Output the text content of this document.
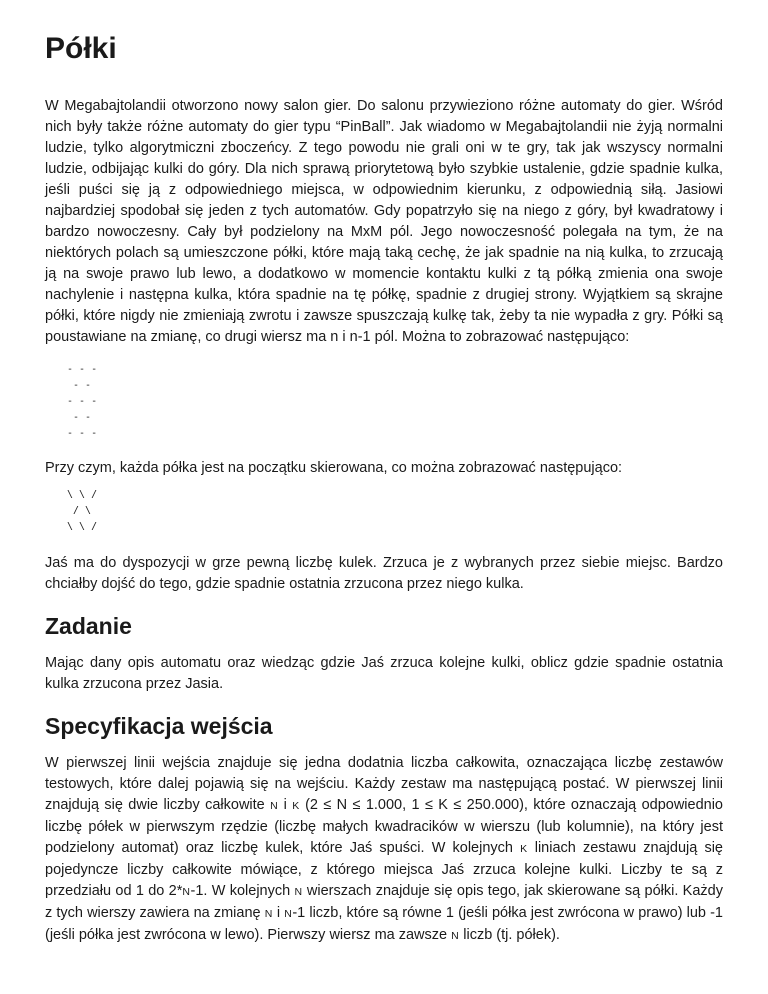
Półki

W Megabajtolandii otworzono nowy salon gier. Do salonu przywieziono różne automaty do gier. Wśród nich były także różne automaty do gier typu “PinBall”. Jak wiadomo w Megabajtolandii nie żyją normalni ludzie, tylko algorytmiczni zboczeńcy. Z tego powodu nie grali oni w te gry, tak jak wszyscy normalni ludzie, odbijając kulki do góry. Dla nich sprawą priorytetową było szybkie ustalenie, gdzie spadnie kulka, jeśli puści się ją z odpowiedniego miejsca, w odpowiednim kierunku, z odpowiednią siłą. Jasiowi najbardziej spodobał się jeden z tych automatów. Gdy popatrzyło się na niego z góry, był kwadratowy i bardzo nowoczesny. Cały był podzielony na MxM pól. Jego nowoczesność polegała na tym, że na niektórych polach są umieszczone półki, które mają taką cechę, że jak spadnie na nią kulka, to zrzucają ją na swoje prawo lub lewo, a dodatkowo w momencie kontaktu kulki z tą półką zmienia ona swoje nachylenie i następna kulka, która spadnie na tę półkę, spadnie z drugiej strony. Wyjątkiem są skrajne półki, które nigdy nie zmieniają zwrotu i zawsze spuszczają kulkę tak, żeby ta nie wypadła z gry. Półki są poustawiane na zmianę, co drugi wiersz ma n i n-1 pól. Można to zobrazować następująco:

- - -
- -
- - -
- -
- - -

Przy czym, każda półka jest na początku skierowana, co można zobrazować następująco:

\ \ /
/ \
\ \ /

Jaś ma do dyspozycji w grze pewną liczbę kulek. Zrzuca je z wybranych przez siebie miejsc. Bardzo chciałby dojść do tego, gdzie spadnie ostatnia zrzucona przez niego kulka.

Zadanie

Mając dany opis automatu oraz wiedząc gdzie Jaś zrzuca kolejne kulki, oblicz gdzie spadnie ostatnia kulka zrzucona przez Jasia.

Specyfikacja wejścia

W pierwszej linii wejścia znajduje się jedna dodatnia liczba całkowita, oznaczająca liczbę zestawów testowych, które dalej pojawią się na wejściu. Każdy zestaw ma następującą postać. W pierwszej linii znajdują się dwie liczby całkowite N i K (2 ≤ N ≤ 1.000, 1 ≤ K ≤ 250.000), które oznaczają odpowiednio liczbę półek w pierwszym rzędzie (liczbę małych kwadracików w wierszu (lub kolumnie), na który jest podzielony automat) oraz liczbę kulek, które Jaś spuści. W kolejnych K liniach zestawu znajdują się pojedyncze liczby całkowite mówiące, z którego miejsca Jaś zrzuca kolejne kulki. Liczby te są z przedziału od 1 do 2*N-1. W kolejnych N wierszach znajduje się opis tego, jak skierowane są półki. Każdy z tych wierszy zawiera na zmianę N i N-1 liczb, które są równe 1 (jeśli półka jest zwrócona w prawo) lub -1 (jeśli półka jest zwrócona w lewo). Pierwszy wiersz ma zawsze N liczb (tj. półek).
